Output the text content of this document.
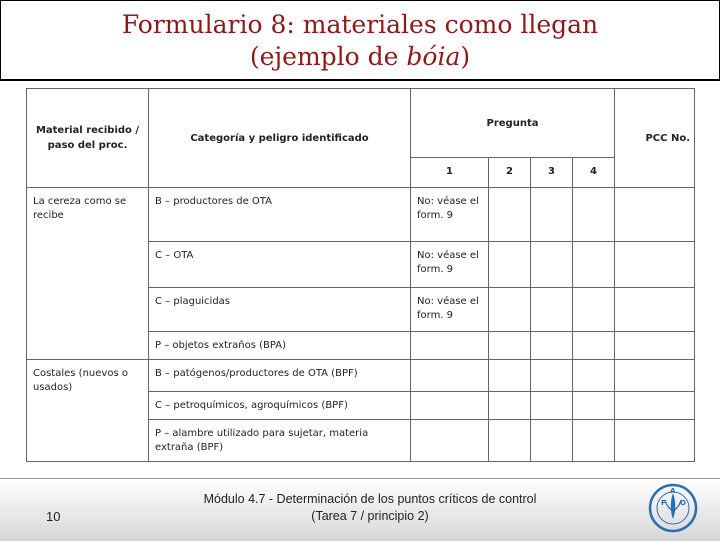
Formulario 8: materiales como llegan
(ejemplo de bóia)
Material recibido / paso del proc.	Categoría y peligro identificado	Pregunta				PCC No.
		1	2	3	4	
La cereza como se recibe	B – productores de OTA	No: véase el form. 9				
	C – OTA	No: véase el form. 9				
	C – plaguicidas	No: véase el form. 9				
	P – objetos extraños (BPA)					
Costales (nuevos o usados)	B – patógenos/productores de OTA (BPF)					
	C – petroquímicos, agroquímicos (BPF)					
	P – alambre utilizado para sujetar, materia extraña (BPF)					
10
Módulo 4.7 - Determinación de los puntos críticos de control
(Tarea 7 / principio 2)
F
A
O
